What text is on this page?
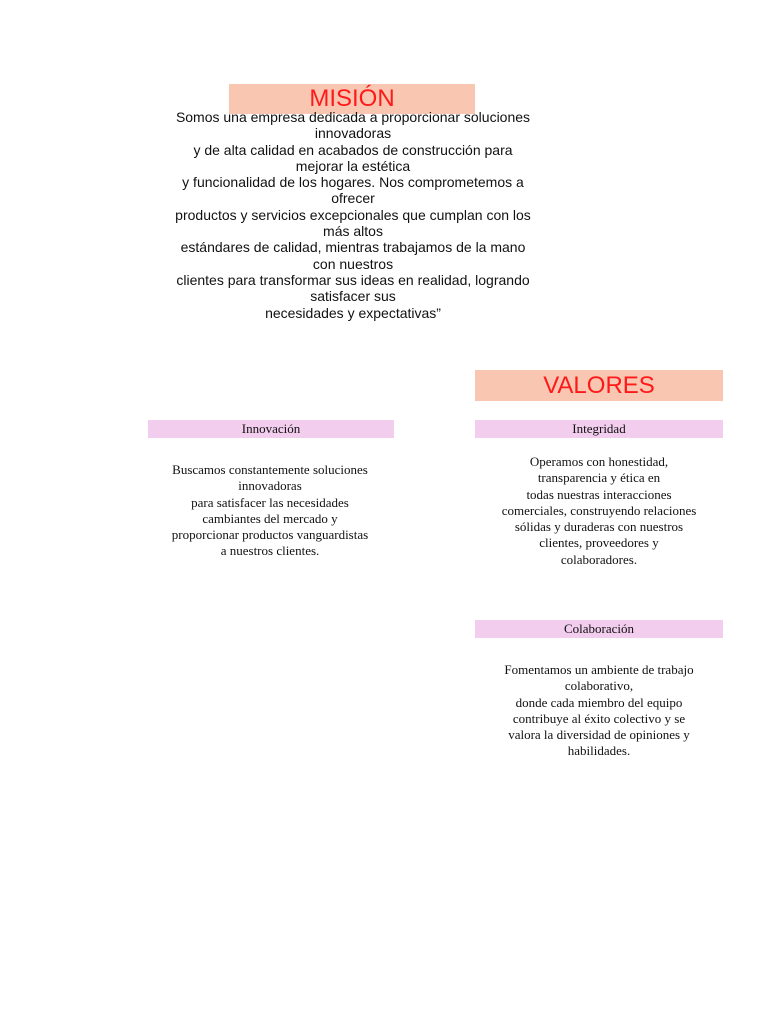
MISIÓN
Somos una empresa dedicada a proporcionar soluciones
innovadoras
y de alta calidad en acabados de construcción para
mejorar la estética
y funcionalidad de los hogares. Nos comprometemos a
ofrecer
productos y servicios excepcionales que cumplan con los
más altos
estándares de calidad, mientras trabajamos de la mano
con nuestros
clientes para transformar sus ideas en realidad, logrando
satisfacer sus
necesidades y expectativas”
VALORES
Innovación
Buscamos constantemente soluciones
innovadoras
para satisfacer las necesidades
cambiantes del mercado y
proporcionar productos vanguardistas
a nuestros clientes.
Integridad
Operamos con honestidad,
transparencia y ética en
todas nuestras interacciones
comerciales, construyendo relaciones
sólidas y duraderas con nuestros
clientes, proveedores y
colaboradores.
Colaboración
Fomentamos un ambiente de trabajo
colaborativo,
donde cada miembro del equipo
contribuye al éxito colectivo y se
valora la diversidad de opiniones y
habilidades.
